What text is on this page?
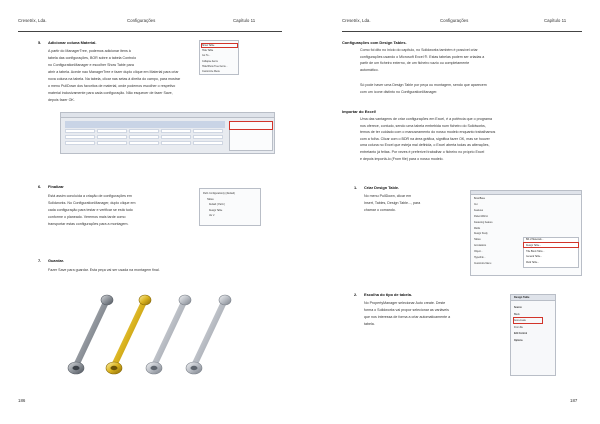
Cresetrix, Lda.	Configurações	Capítulo 11
5. Adicionar coluna Material.
A partir do ManagerTree, podemos adicionar itens à
tabela das configurações, BOR sobre a tabela Controlo
no ConfigurationManager e escolher Show Table para
abrir a tabela. Acede nao ManagerTree e fazer duplo clique em Material para criar
nova coluna na tabela. Na tabela, clicar nas setas à direita do campo, para mostrar
o menu PullDown dos favoritos de material, onde podemos escolher o respetivo
material inclusivamente para cada configuração. Não esquecer de fazer Save,
depois fazer OK.
Show Table
Hide Table
Go To...
Collapse Items
Hide/Show Tree Items...
Customize Menu
6. Finalizar
Está assim concluída a criação de configurações em
Solidworks. No ConfigurationManager, duplo clique em
cada configuração para testar e verificar se está tudo
conforme o planeado. Veremos mais tarde como
transportar estas configurações para a montagem.
Part1 Configuration(s) (Default)
Tables
Default [ Part1 ]
Design Table
Ver 2
7. Guardar.
Fazer Save para guardar. Esta peça vai ser usada na montagem final.
186
Cresetrix, Lda.	Configurações	Capítulo 11
Configurações com Design Tables.
Como foi dito no início do capítulo, no Solidworks também é possível criar
configurações usando o Microsoft Excel ®. Estas tabelas podem ser criadas a
partir de um ficheiro externo, de um ficheiro vazio ou completamente
automático.
Só pode haver uma Design Table por peça ou montagem, sendo que aparecem
com um ícone distinto no ConfigurationManager.
Importar do Excel!
Uma das vantagens de criar configurações em Excel, é a potência que o programa
nos oferece, contudo, sendo uma tabela embebida num ficheiro do Solidworks,
temos de ter cuidado com o manuseamento do nosso modelo enquanto trabalhamos
com a folha. Clicar com o BDR na área gráfica, significa fazer OK, mas se houver
uma coluna no Excel que esteja mal definida, o Excel aberta todas as alterações,
entretanto já feitas. Por vezes é preferível trabalhar o ficheiro no próprio Excel
e depois importá-lo (From file) para o nosso modelo.
1. Criar Design Table.
No menu PullDown, clicar em
Insert, Tables, Design Table..., para
chamar o comando.
Boss/Base
Cut
Features
Pattern/Mirror
Fastening Feature
Molds
Design Study
Tables
Annotations
Object...
Hyperlink...
Customize Menu
Bill of Materials...
Design Table...
Title Block Table...
General Table...
Weld Table...
2. Escolha do tipo de tabela.
No PropertyManager selecionar Auto create. Deste
forma o Solidworks vai propor selecionar as variáveis
que nos interessa de forma a criar automaticamente a
tabela.
Design Table
Source
Blank
Auto-create
From file
Edit Control
Options
187
